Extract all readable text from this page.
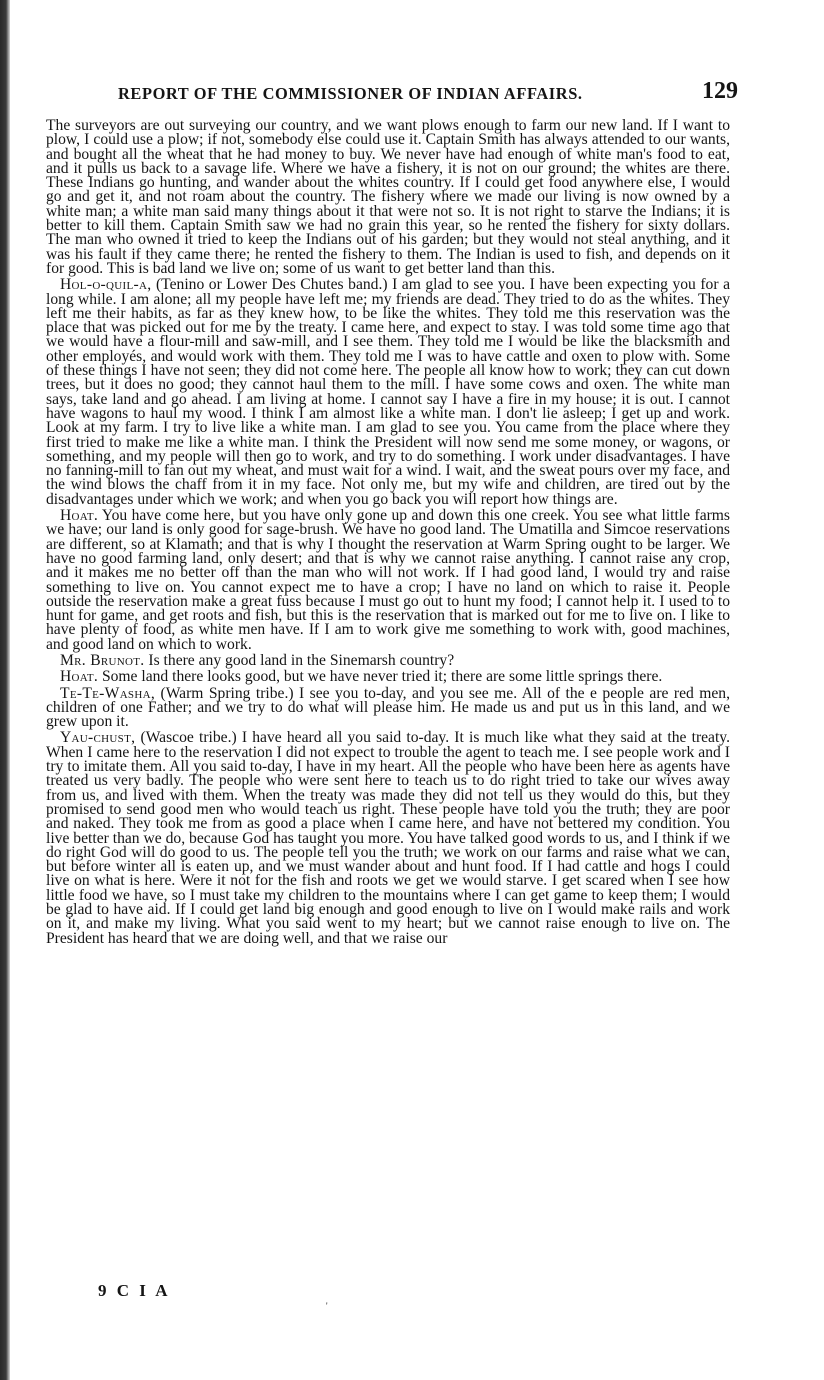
REPORT OF THE COMMISSIONER OF INDIAN AFFAIRS.	129

The surveyors are out surveying our country, and we want plows enough to farm our new land. If I want to plow, I could use a plow; if not, somebody else could use it. Captain Smith has always attended to our wants, and bought all the wheat that he had money to buy. We never have had enough of white man's food to eat, and it pulls us back to a savage life. Where we have a fishery, it is not on our ground; the whites are there. These Indians go hunting, and wander about the whites country. If I could get food anywhere else, I would go and get it, and not roam about the country. The fishery where we made our living is now owned by a white man; a white man said many things about it that were not so. It is not right to starve the Indians; it is better to kill them. Captain Smith saw we had no grain this year, so he rented the fishery for sixty dollars. The man who owned it tried to keep the Indians out of his garden; but they would not steal anything, and it was his fault if they came there; he rented the fishery to them. The Indian is used to fish, and depends on it for good. This is bad land we live on; some of us want to get better land than this.

Hol-o-quil-a, (Tenino or Lower Des Chutes band.) I am glad to see you. I have been expecting you for a long while. I am alone; all my people have left me; my friends are dead. They tried to do as the whites. They left me their habits, as far as they knew how, to be like the whites. They told me this reservation was the place that was picked out for me by the treaty. I came here, and expect to stay. I was told some time ago that we would have a flour-mill and saw-mill, and I see them. They told me I would be like the blacksmith and other employés, and would work with them. They told me I was to have cattle and oxen to plow with. Some of these things I have not seen; they did not come here. The people all know how to work; they can cut down trees, but it does no good; they cannot haul them to the mill. I have some cows and oxen. The white man says, take land and go ahead. I am living at home. I cannot say I have a fire in my house; it is out. I cannot have wagons to haul my wood. I think I am almost like a white man. I don't lie asleep; I get up and work. Look at my farm. I try to live like a white man. I am glad to see you. You came from the place where they first tried to make me like a white man. I think the President will now send me some money, or wagons, or something, and my people will then go to work, and try to do something. I work under disadvantages. I have no fanning-mill to fan out my wheat, and must wait for a wind. I wait, and the sweat pours over my face, and the wind blows the chaff from it in my face. Not only me, but my wife and children, are tired out by the disadvantages under which we work; and when you go back you will report how things are.

Hoat. You have come here, but you have only gone up and down this one creek. You see what little farms we have; our land is only good for sage-brush. We have no good land. The Umatilla and Simcoe reservations are different, so at Klamath; and that is why I thought the reservation at Warm Spring ought to be larger. We have no good farming land, only desert; and that is why we cannot raise anything. I cannot raise any crop, and it makes me no better off than the man who will not work. If I had good land, I would try and raise something to live on. You cannot expect me to have a crop; I have no land on which to raise it. People outside the reservation make a great fuss because I must go out to hunt my food; I cannot help it. I used to to hunt for game, and get roots and fish, but this is the reservation that is marked out for me to live on. I like to have plenty of food, as white men have. If I am to work give me something to work with, good machines, and good land on which to work.

Mr. Brunot. Is there any good land in the Sinemarsh country?

Hoat. Some land there looks good, but we have never tried it; there are some little springs there.

Te-Te-Washa, (Warm Spring tribe.) I see you to-day, and you see me. All of the e people are red men, children of one Father; and we try to do what will please him. He made us and put us in this land, and we grew upon it.

Yau-chust, (Wascoe tribe.) I have heard all you said to-day. It is much like what they said at the treaty. When I came here to the reservation I did not expect to trouble the agent to teach me. I see people work and I try to imitate them. All you said to-day, I have in my heart. All the people who have been here as agents have treated us very badly. The people who were sent here to teach us to do right tried to take our wives away from us, and lived with them. When the treaty was made they did not tell us they would do this, but they promised to send good men who would teach us right. These people have told you the truth; they are poor and naked. They took me from as good a place when I came here, and have not bettered my condition. You live better than we do, because God has taught you more. You have talked good words to us, and I think if we do right God will do good to us. The people tell you the truth; we work on our farms and raise what we can, but before winter all is eaten up, and we must wander about and hunt food. If I had cattle and hogs I could live on what is here. Were it not for the fish and roots we get we would starve. I get scared when I see how little food we have, so I must take my children to the mountains where I can get game to keep them; I would be glad to have aid. If I could get land big enough and good enough to live on I would make rails and work on it, and make my living. What you said went to my heart; but we cannot raise enough to live on. The President has heard that we are doing well, and that we raise our

9 C I A
'
